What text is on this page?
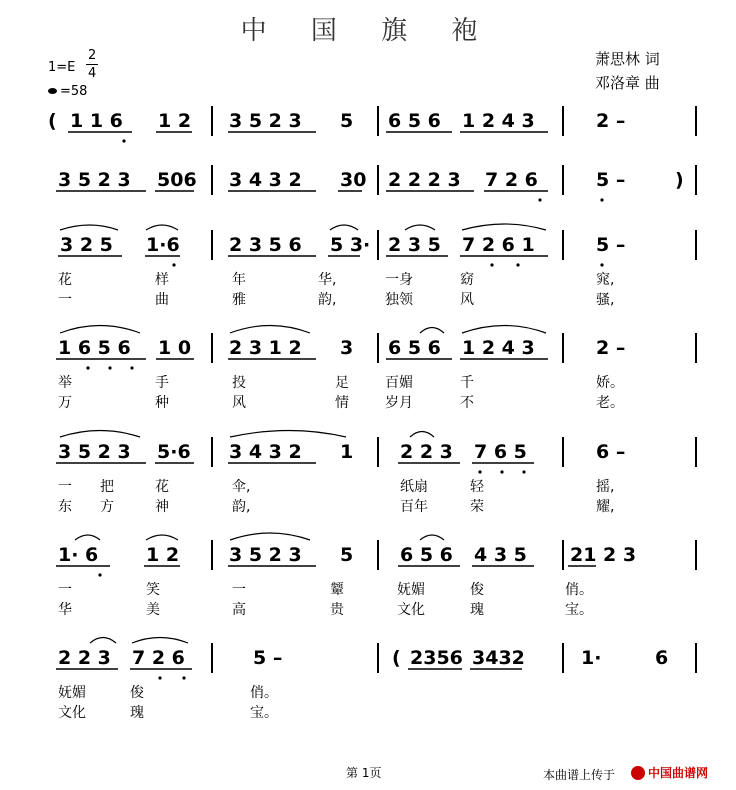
中 国 旗 袍
1=E
2
4
=58
萧思林 词
邓洛章 曲
( 1 1 6 1 2 3 5 2 3 5 6 5 6 1 2 4 3	2 –
3 5 2 3 506 3 4 3 2 30 2 2 2 3 7 2 6	5 –	)
3 2 5 1·6	2 3 5 6 5 3· 2 3 5 7 2 6 1	5 –
花	样	年	华,	一身	窈	窕,
一	曲	雅	韵,	独领	风	骚,
1 6 5 6 1 0 2 3 1 2 3 6 5 6 1 2 4 3	2 –
举	手	投	足	百媚	千	娇。
万	种	风	情	岁月	不	老。
3 5 2 3 5·6 3 4 3 2 1 2 2 3 7 6 5	6 –
一 把	花	伞,	纸扇	轻	摇,
东 方	神	韵,	百年	荣	耀,
1· 6	1 2	3 5 2 3 5 6 5 6 4 3 5 21 2 3
一	笑	一	颦	妩媚	俊	俏。
华	美	高	贵	文化	瑰	宝。
2 2 3 7 2 6	5 –	( 2356 3432	1·	6
妩媚	俊	俏。
文化	瑰	宝。
第 1页	本曲谱上传于	中国曲谱网
